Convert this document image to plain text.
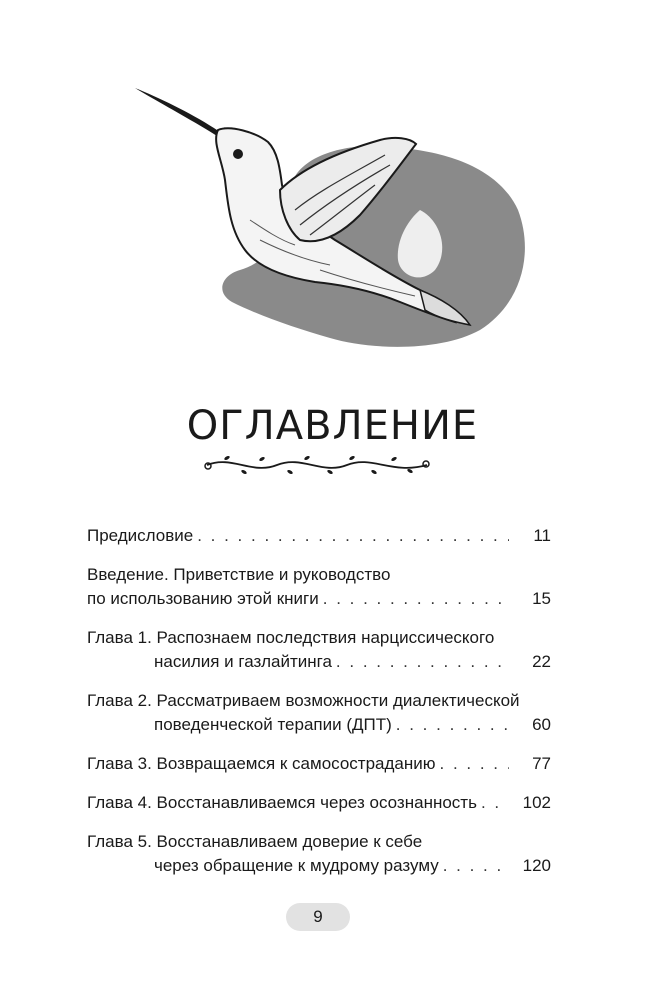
ОГЛАВЛЕНИЕ
Предисловие . . .	11
Введение. Приветствие и руководство
по использованию этой книги . . .	15
Глава 1. Распознаем последствия нарциссического
насилия и газлайтинга . . .	22
Глава 2. Рассматриваем возможности диалектической
поведенческой терапии (ДПТ) . . .	60
Глава 3. Возвращаемся к самосостраданию . . .	77
Глава 4. Восстанавливаемся через осознанность . . .	102
Глава 5. Восстанавливаем доверие к себе
через обращение к мудрому разуму . . .	120
9
